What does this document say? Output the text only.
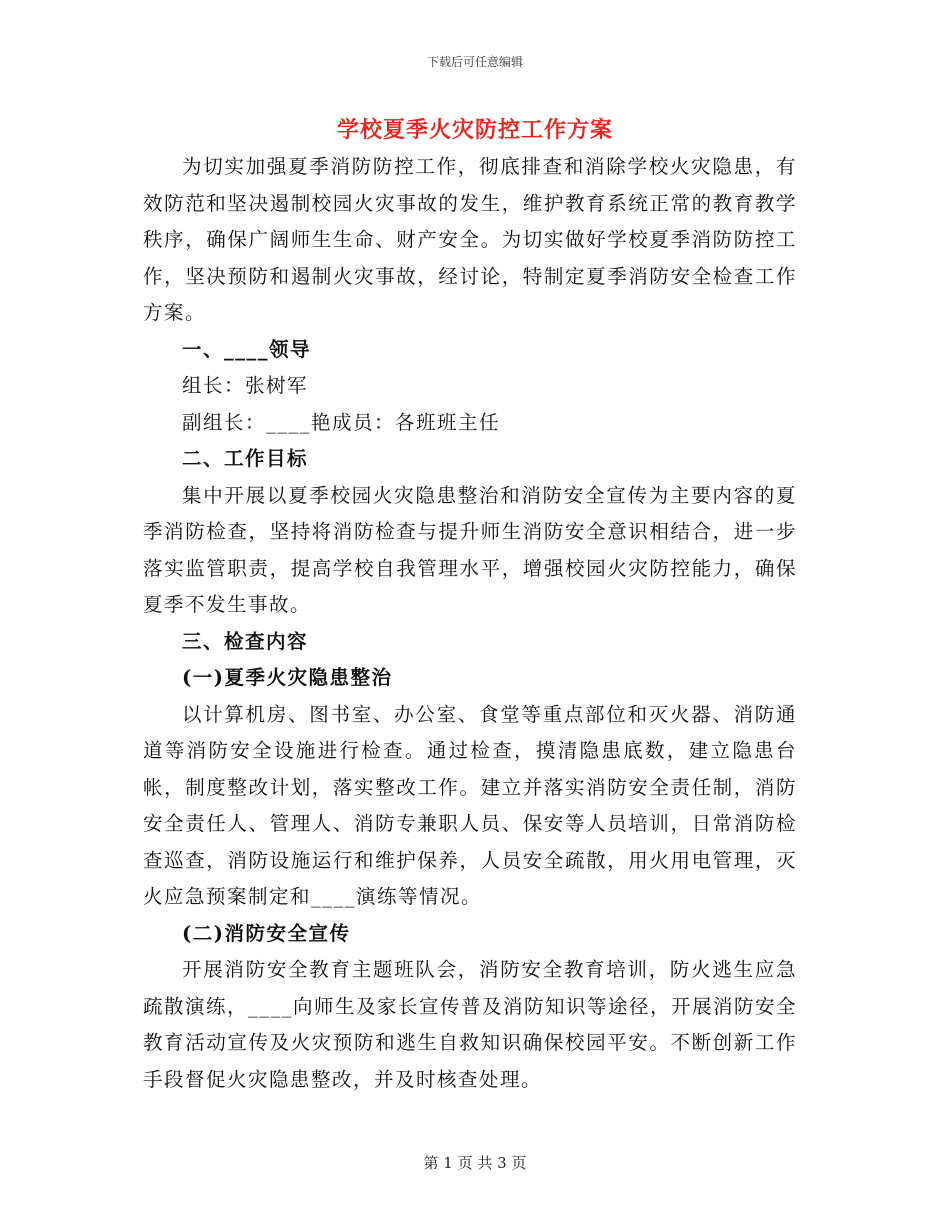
下载后可任意编辑
学校夏季火灾防控工作方案

为切实加强夏季消防防控工作，彻底排查和消除学校火灾隐患，有效防范和坚决遏制校园火灾事故的发生，维护教育系统正常的教育教学秩序，确保广阔师生生命、财产安全。为切实做好学校夏季消防防控工作，坚决预防和遏制火灾事故，经讨论，特制定夏季消防安全检查工作方案。

一、____领导

组长：张树军

副组长：____艳成员：各班班主任

二、工作目标

集中开展以夏季校园火灾隐患整治和消防安全宣传为主要内容的夏季消防检查，坚持将消防检查与提升师生消防安全意识相结合，进一步落实监管职责，提高学校自我管理水平，增强校园火灾防控能力，确保夏季不发生事故。

三、检查内容

(一)夏季火灾隐患整治

以计算机房、图书室、办公室、食堂等重点部位和灭火器、消防通道等消防安全设施进行检查。通过检查，摸清隐患底数，建立隐患台帐，制度整改计划，落实整改工作。建立并落实消防安全责任制，消防安全责任人、管理人、消防专兼职人员、保安等人员培训，日常消防检查巡查，消防设施运行和维护保养，人员安全疏散，用火用电管理，灭火应急预案制定和____演练等情况。

(二)消防安全宣传

开展消防安全教育主题班队会，消防安全教育培训，防火逃生应急疏散演练，____向师生及家长宣传普及消防知识等途径，开展消防安全教育活动宣传及火灾预防和逃生自救知识确保校园平安。不断创新工作手段督促火灾隐患整改，并及时核查处理。

第 1 页 共 3 页
